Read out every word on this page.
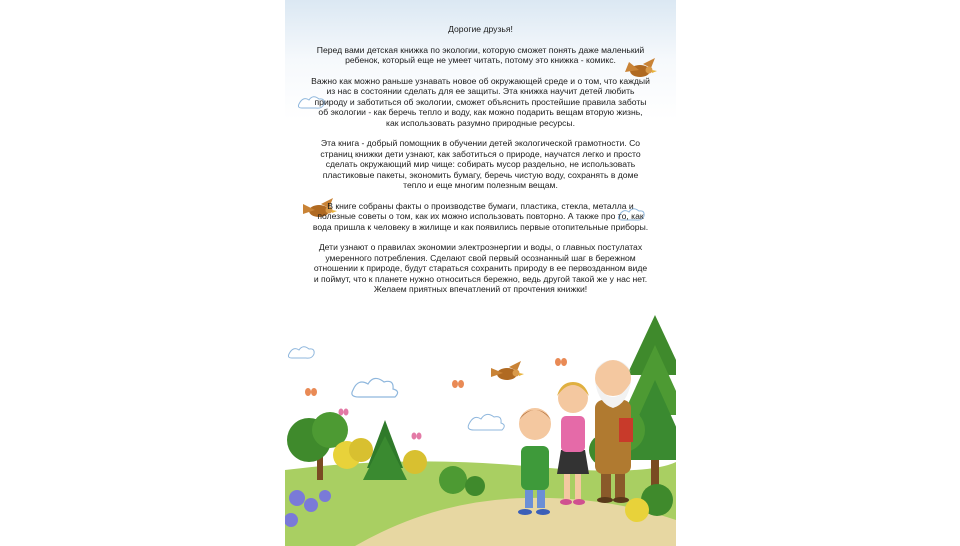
Дорогие друзья!

Перед вами детская книжка по экологии, которую сможет понять даже маленький ребенок, который еще не умеет читать, потому это книжка - комикс.

Важно как можно раньше узнавать новое об окружающей среде и о том, что каждый из нас в состоянии сделать для ее защиты. Эта книжка научит детей любить природу и заботиться об экологии, сможет объяснить простейшие правила заботы об экологии - как беречь тепло и воду, как можно подарить вещам вторую жизнь, как использовать разумно природные ресурсы.

Эта книга - добрый помощник в обучении детей экологической грамотности. Со страниц книжки дети узнают, как заботиться о природе, научатся легко и просто сделать окружающий мир чище: собирать мусор раздельно, не использовать пластиковые пакеты, экономить бумагу, беречь чистую воду, сохранять в доме тепло и еще многим полезным вещам.

В книге собраны факты о производстве бумаги, пластика, стекла, металла и полезные советы о том, как их можно использовать повторно. А также про то, как вода пришла к человеку в жилище и как появились первые отопительные приборы.

Дети узнают о правилах экономии электроэнергии и воды, о главных постулатах умеренного потребления. Сделают свой первый осознанный шаг в бережном отношении к природе, будут стараться сохранить природу в ее первозданном виде и поймут, что к планете нужно относиться бережно, ведь другой такой же у нас нет.

Желаем приятных впечатлений от прочтения книжки!
